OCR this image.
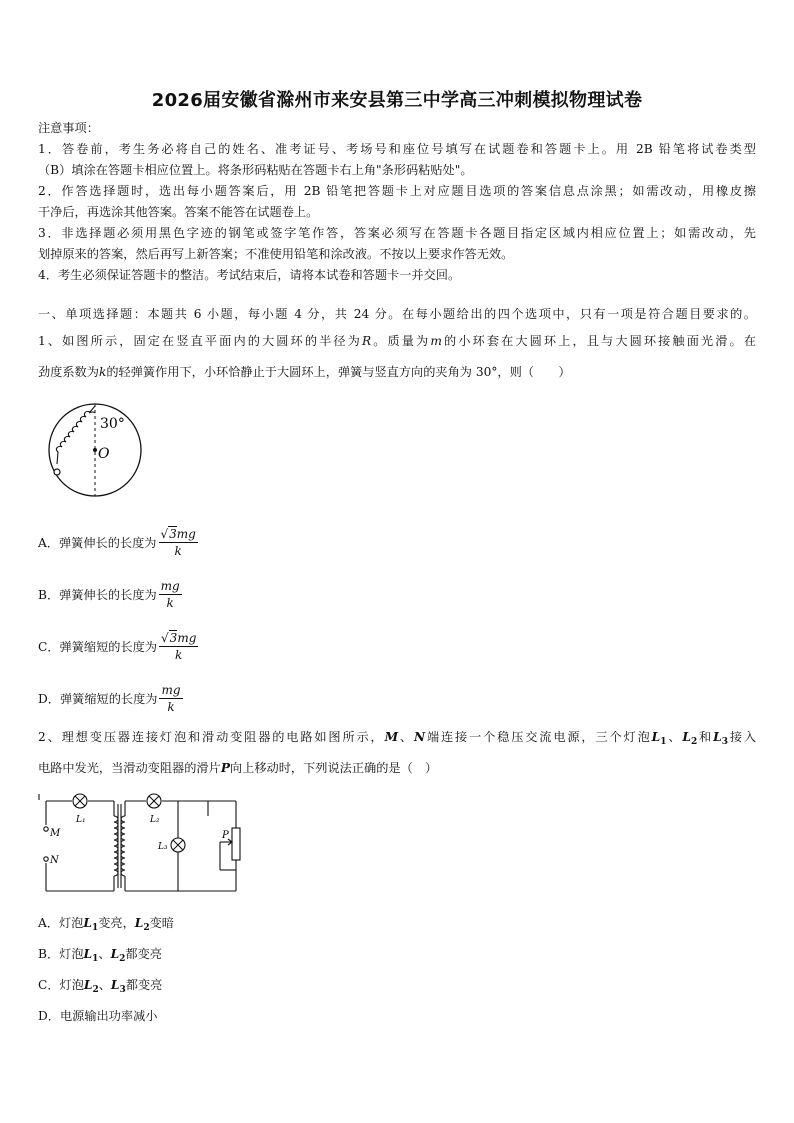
2026届安徽省滁州市来安县第三中学高三冲刺模拟物理试卷
注意事项：
1．答卷前，考生务必将自己的姓名、准考证号、考场号和座位号填写在试题卷和答题卡上。用 2B 铅笔将试卷类型
（B）填涂在答题卡相应位置上。将条形码粘贴在答题卡右上角"条形码粘贴处"。
2．作答选择题时，选出每小题答案后，用 2B 铅笔把答题卡上对应题目选项的答案信息点涂黑；如需改动，用橡皮擦
干净后，再选涂其他答案。答案不能答在试题卷上。
3．非选择题必须用黑色字迹的钢笔或签字笔作答，答案必须写在答题卡各题目指定区域内相应位置上；如需改动，先
划掉原来的答案，然后再写上新答案；不准使用铅笔和涂改液。不按以上要求作答无效。
4．考生必须保证答题卡的整洁。考试结束后，请将本试卷和答题卡一并交回。
一、单项选择题：本题共 6 小题，每小题 4 分，共 24 分。在每小题给出的四个选项中，只有一项是符合题目要求的。
1、如图所示，固定在竖直平面内的大圆环的半径为R。质量为m的小环套在大圆环上，且与大圆环接触面光滑。在
劲度系数为k的轻弹簧作用下，小环恰静止于大圆环上，弹簧与竖直方向的夹角为 30°，则（　　）
30°
O
A．弹簧伸长的长度为 $\frac{√3mg}{k}$
B．弹簧伸长的长度为 $\frac{mg}{k}$
C．弹簧缩短的长度为 $\frac{√3mg}{k}$
D．弹簧缩短的长度为 $\frac{mg}{k}$
2、理想变压器连接灯泡和滑动变阻器的电路如图所示，M、N端连接一个稳压交流电源，三个灯泡$L_1$、$L_2$和$L_3$接入
电路中发光，当滑动变阻器的滑片P向上移动时，下列说法正确的是（　）
M
N
L₁	L₂
L₃
P
A．灯泡$L_1$变亮，$L_2$变暗
B．灯泡$L_1$、$L_2$都变亮
C．灯泡$L_2$、$L_3$都变亮
D．电源输出功率减小
